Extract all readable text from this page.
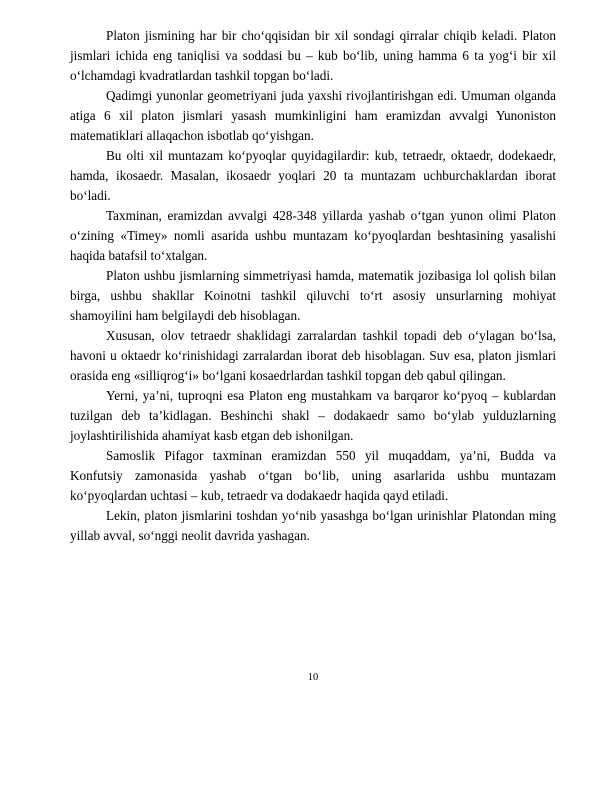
Platon jismining har bir cho‘qqisidan bir xil sondagi qirralar chiqib keladi. Platon jismlari ichida eng taniqlisi va soddasi bu – kub bo‘lib, uning hamma 6 ta yog‘i bir xil o‘lchamdagi kvadratlardan tashkil topgan bo‘ladi.

Qadimgi yunonlar geometriyani juda yaxshi rivojlantirishgan edi. Umuman olganda atiga 6 xil platon jismlari yasash mumkinligini ham eramizdan avvalgi Yunoniston matematiklari allaqachon isbotlab qo‘yishgan.

Bu olti xil muntazam ko‘pyoqlar quyidagilardir: kub, tetraedr, oktaedr, dodekaedr, hamda, ikosaedr. Masalan, ikosaedr yoqlari 20 ta muntazam uchburchaklardan iborat bo‘ladi.

Taxminan, eramizdan avvalgi 428-348 yillarda yashab o‘tgan yunon olimi Platon o‘zining «Timey» nomli asarida ushbu muntazam ko‘pyoqlardan beshtasining yasalishi haqida batafsil to‘xtalgan.

Platon ushbu jismlarning simmetriyasi hamda, matematik jozibasiga lol qolish bilan birga, ushbu shakllar Koinotni tashkil qiluvchi to‘rt asosiy unsurlarning mohiyat shamoyilini ham belgilaydi deb hisoblagan.

Xususan, olov tetraedr shaklidagi zarralardan tashkil topadi deb o‘ylagan bo‘lsa, havoni u oktaedr ko‘rinishidagi zarralardan iborat deb hisoblagan. Suv esa, platon jismlari orasida eng «silliqrog‘i» bo‘lgani kosaedrlardan tashkil topgan deb qabul qilingan.

Yerni, ya’ni, tuproqni esa Platon eng mustahkam va barqaror ko‘pyoq – kublardan tuzilgan deb ta’kidlagan. Beshinchi shakl – dodakaedr samo bo‘ylab yulduzlarning joylashtirilishida ahamiyat kasb etgan deb ishonilgan.

Samoslik Pifagor taxminan eramizdan 550 yil muqaddam, ya’ni, Budda va Konfutsiy zamonasida yashab o‘tgan bo‘lib, uning asarlarida ushbu muntazam ko‘pyoqlardan uchtasi – kub, tetraedr va dodakaedr haqida qayd etiladi.

Lekin, platon jismlarini toshdan yo‘nib yasashga bo‘lgan urinishlar Platondan ming yillab avval, so‘nggi neolit davrida yashagan.

10
